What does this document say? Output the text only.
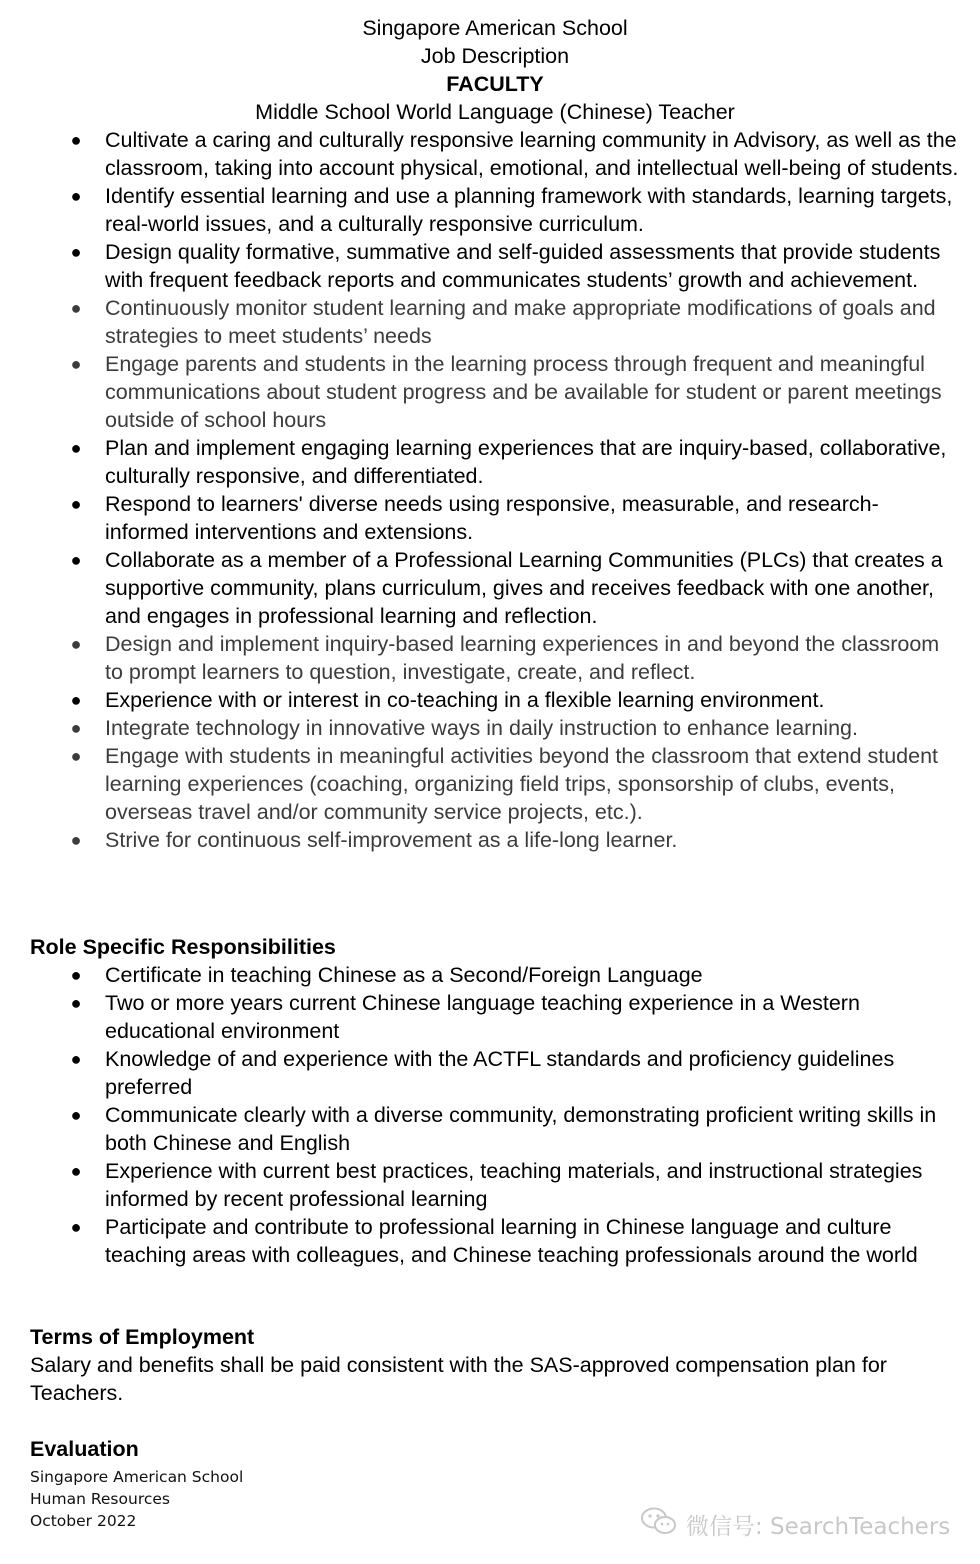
Singapore American School
Job Description
FACULTY
Middle School World Language (Chinese) Teacher
● Cultivate a caring and culturally responsive learning community in Advisory, as well as the classroom, taking into account physical, emotional, and intellectual well-being of students.
● Identify essential learning and use a planning framework with standards, learning targets, real-world issues, and a culturally responsive curriculum.
● Design quality formative, summative and self-guided assessments that provide students with frequent feedback reports and communicates students’ growth and achievement.
● Continuously monitor student learning and make appropriate modifications of goals and strategies to meet students’ needs
● Engage parents and students in the learning process through frequent and meaningful communications about student progress and be available for student or parent meetings outside of school hours
● Plan and implement engaging learning experiences that are inquiry-based, collaborative, culturally responsive, and differentiated.
● Respond to learners' diverse needs using responsive, measurable, and research-informed interventions and extensions.
● Collaborate as a member of a Professional Learning Communities (PLCs) that creates a supportive community, plans curriculum, gives and receives feedback with one another, and engages in professional learning and reflection.
● Design and implement inquiry-based learning experiences in and beyond the classroom to prompt learners to question, investigate, create, and reflect.
● Experience with or interest in co-teaching in a flexible learning environment.
● Integrate technology in innovative ways in daily instruction to enhance learning.
● Engage with students in meaningful activities beyond the classroom that extend student learning experiences (coaching, organizing field trips, sponsorship of clubs, events, overseas travel and/or community service projects, etc.).
● Strive for continuous self-improvement as a life-long learner.
Role Specific Responsibilities
● Certificate in teaching Chinese as a Second/Foreign Language
● Two or more years current Chinese language teaching experience in a Western educational environment
● Knowledge of and experience with the ACTFL standards and proficiency guidelines preferred
● Communicate clearly with a diverse community, demonstrating proficient writing skills in both Chinese and English
● Experience with current best practices, teaching materials, and instructional strategies informed by recent professional learning
● Participate and contribute to professional learning in Chinese language and culture teaching areas with colleagues, and Chinese teaching professionals around the world
Terms of Employment
Salary and benefits shall be paid consistent with the SAS-approved compensation plan for Teachers.
Evaluation
Singapore American School
Human Resources
October 2022	微信号: SearchTeachers
